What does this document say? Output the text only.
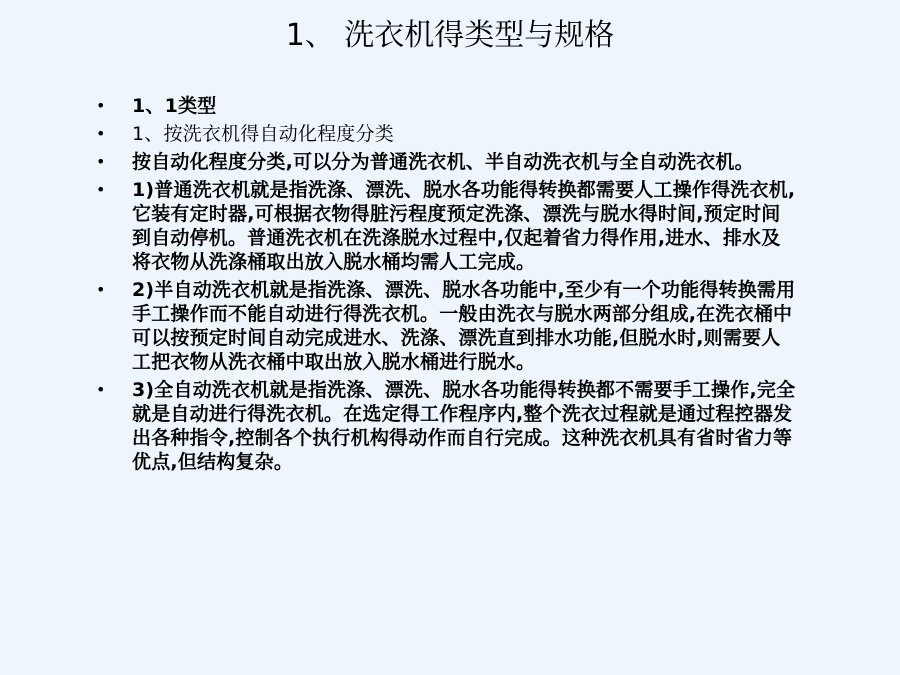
1、 洗衣机得类型与规格
•	1、1类型
•	1、按洗衣机得自动化程度分类
•	按自动化程度分类,可以分为普通洗衣机、半自动洗衣机与全自动洗衣机。
•	1)普通洗衣机就是指洗涤、漂洗、脱水各功能得转换都需要人工操作得洗衣机,它装有定时器,可根据衣物得脏污程度预定洗涤、漂洗与脱水得时间,预定时间到自动停机。普通洗衣机在洗涤脱水过程中,仅起着省力得作用,进水、排水及将衣物从洗涤桶取出放入脱水桶均需人工完成。
•	2)半自动洗衣机就是指洗涤、漂洗、脱水各功能中,至少有一个功能得转换需用手工操作而不能自动进行得洗衣机。一般由洗衣与脱水两部分组成,在洗衣桶中可以按预定时间自动完成进水、洗涤、漂洗直到排水功能,但脱水时,则需要人工把衣物从洗衣桶中取出放入脱水桶进行脱水。
•	3)全自动洗衣机就是指洗涤、漂洗、脱水各功能得转换都不需要手工操作,完全就是自动进行得洗衣机。在选定得工作程序内,整个洗衣过程就是通过程控器发出各种指令,控制各个执行机构得动作而自行完成。这种洗衣机具有省时省力等优点,但结构复杂。
